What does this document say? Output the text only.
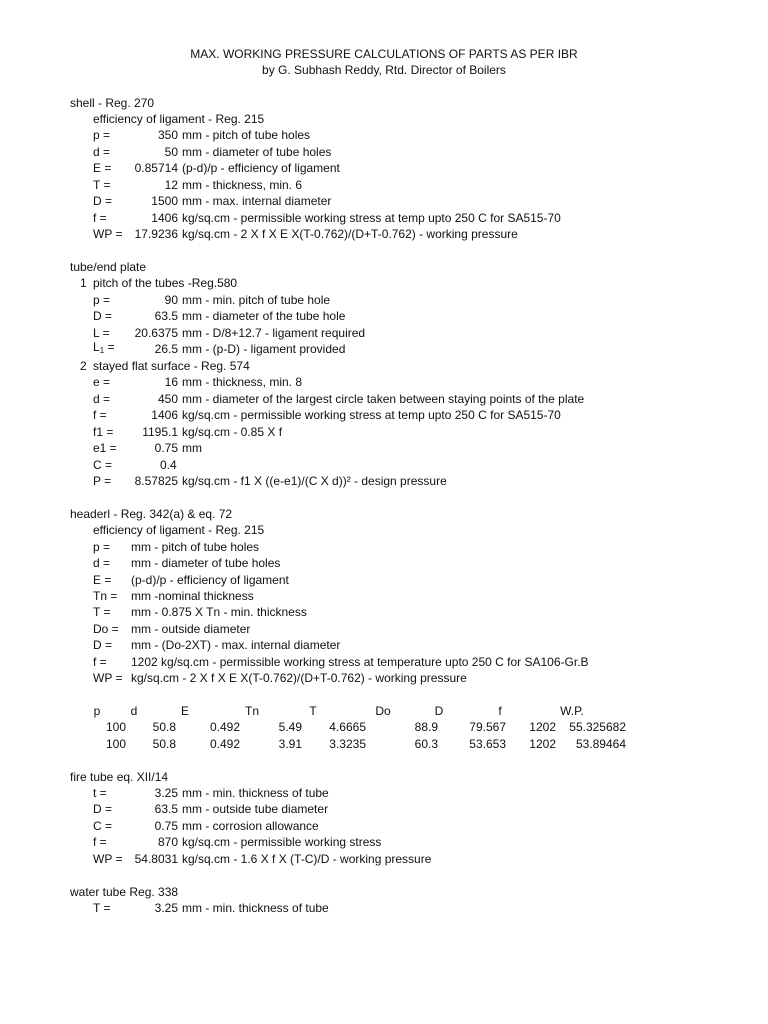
MAX. WORKING PRESSURE CALCULATIONS OF PARTS AS PER IBR
by G. Subhash Reddy, Rtd. Director of Boilers
shell - Reg. 270
efficiency of ligament - Reg. 215
p =	350 mm - pitch of tube holes
d =	50 mm - diameter of tube holes
E =	0.85714 (p-d)/p - efficiency of ligament
T =	12 mm - thickness, min. 6
D =	1500 mm - max. internal diameter
f =	1406 kg/sq.cm - permissible working stress at temp upto 250 C for SA515-70
WP =	17.9236 kg/sq.cm - 2 X f X E X(T-0.762)/(D+T-0.762) - working pressure
tube/end plate
1 pitch of the tubes -Reg.580
p =	90 mm - min. pitch of tube hole
D =	63.5 mm - diameter of the tube hole
L =	20.6375 mm - D/8+12.7 - ligament required
$L_1$ =	26.5 mm - (p-D) - ligament provided
2 stayed flat surface - Reg. 574
e =	16 mm - thickness, min. 8
d =	450 mm - diameter of the largest circle taken between staying points of the plate
f =	1406 kg/sq.cm - permissible working stress at temp upto 250 C for SA515-70
f1 =	1195.1 kg/sq.cm - 0.85 X f
e1 =	0.75 mm
C =	0.4
P =	8.57825 kg/sq.cm - f1 X ((e-e1)/(C X d))² - design pressure
headerl - Reg. 342(a) & eq. 72
efficiency of ligament - Reg. 215
p = mm - pitch of tube holes
d = mm - diameter of tube holes
E = (p-d)/p - efficiency of ligament
Tn = mm -nominal thickness
T = mm - 0.875 X Tn - min. thickness
Do = mm - outside diameter
D = mm - (Do-2XT) - max. internal diameter
f = 1202 kg/sq.cm - permissible working stress at temperature upto 250 C for SA106-Gr.B
WP = kg/sq.cm - 2 X f X E X(T-0.762)/(D+T-0.762) - working pressure
p	d	E	Tn	T	Do	D	f	W.P.
100	50.8	0.492	5.49	4.6665	88.9	79.567	1202	55.325682
100	50.8	0.492	3.91	3.3235	60.3	53.653	1202	53.89464
fire tube eq. XII/14
t =	3.25 mm - min. thickness of tube
D =	63.5 mm - outside tube diameter
C =	0.75 mm - corrosion allowance
f =	870 kg/sq.cm - permissible working stress
WP =	54.8031 kg/sq.cm - 1.6 X f X (T-C)/D - working pressure
water tube Reg. 338
T =	3.25 mm - min. thickness of tube
